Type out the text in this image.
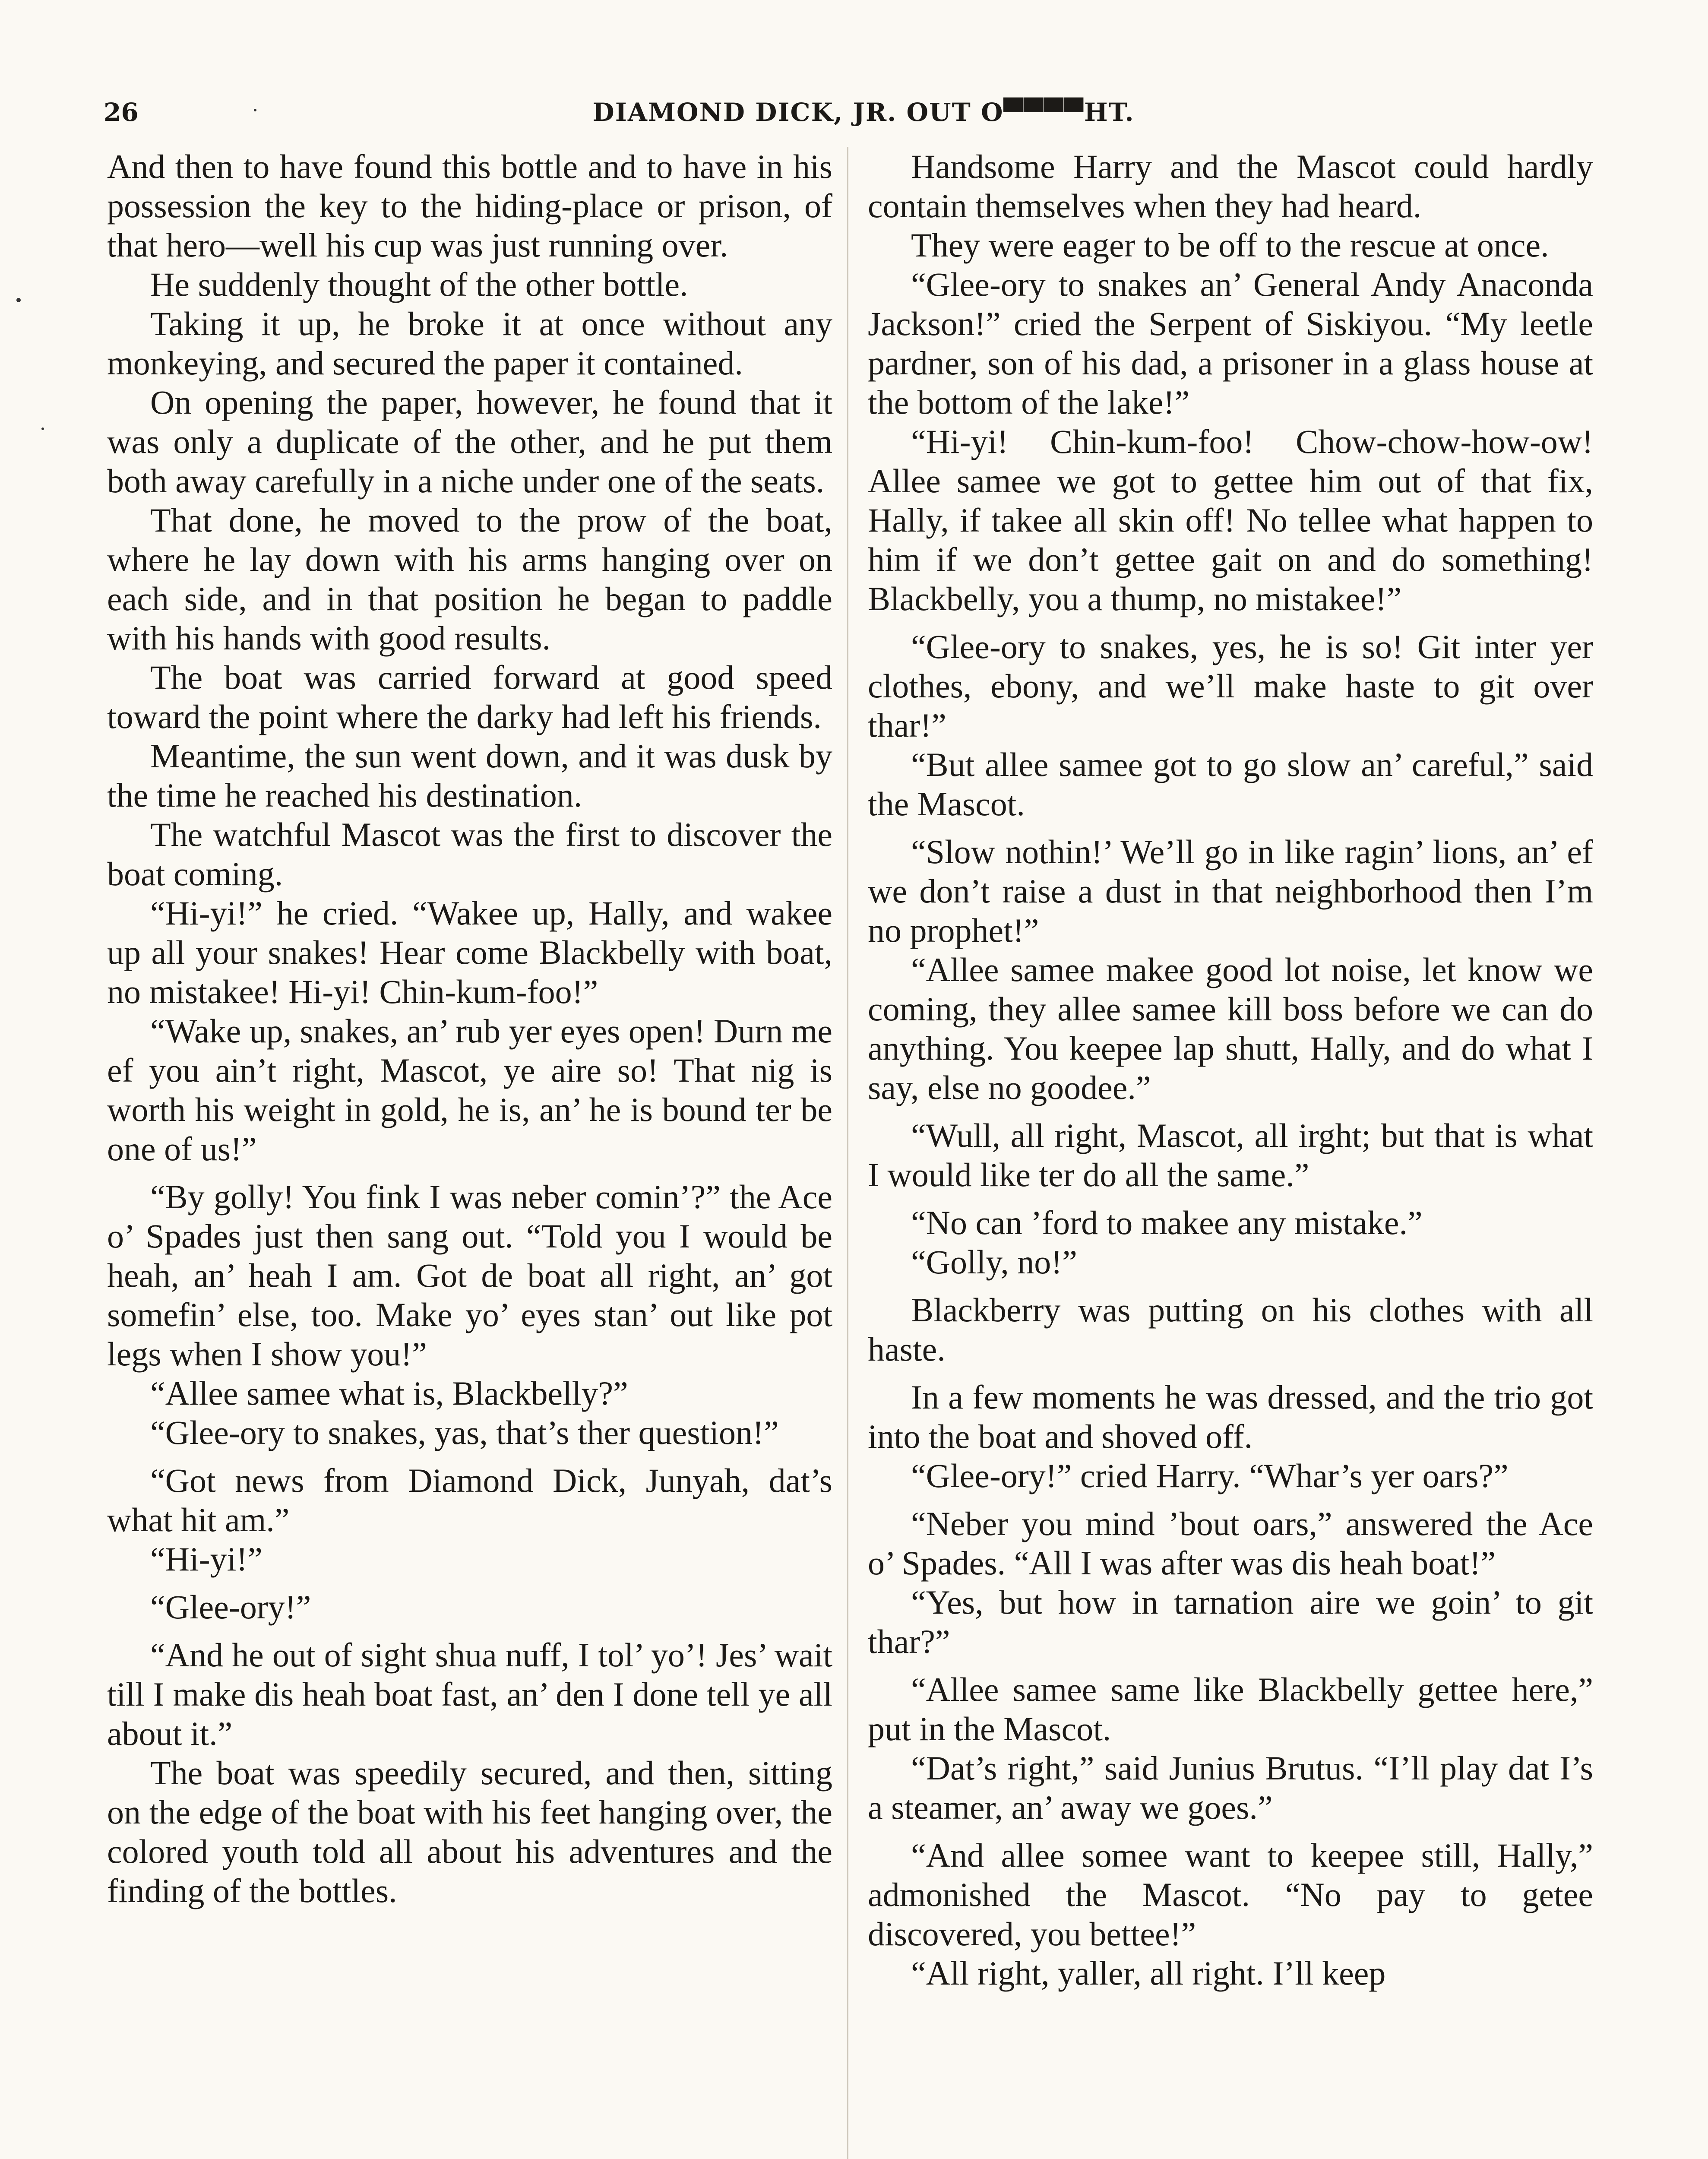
26	DIAMOND DICK, JR. OUT O▀▀▀▀HT.

And then to have found this bottle and to have in his possession the key to the hiding-place or prison, of that hero—well his cup was just running over.

He suddenly thought of the other bottle.

Taking it up, he broke it at once without any monkeying, and secured the paper it contained.

On opening the paper, however, he found that it was only a duplicate of the other, and he put them both away carefully in a niche under one of the seats.

That done, he moved to the prow of the boat, where he lay down with his arms hanging over on each side, and in that position he began to paddle with his hands with good results.

The boat was carried forward at good speed toward the point where the darky had left his friends.

Meantime, the sun went down, and it was dusk by the time he reached his destination.

The watchful Mascot was the first to discover the boat coming.

“Hi-yi!” he cried. “Wakee up, Hally, and wakee up all your snakes! Hear come Blackbelly with boat, no mistakee! Hi-yi! Chin-kum-foo!”

“Wake up, snakes, an’ rub yer eyes open! Durn me ef you ain’t right, Mascot, ye aire so! That nig is worth his weight in gold, he is, an’ he is bound ter be one of us!”

“By golly! You fink I was neber comin’?” the Ace o’ Spades just then sang out. “Told you I would be heah, an’ heah I am. Got de boat all right, an’ got somefin’ else, too. Make yo’ eyes stan’ out like pot legs when I show you!”

“Allee samee what is, Blackbelly?”

“Glee-ory to snakes, yas, that’s ther question!”

“Got news from Diamond Dick, Junyah, dat’s what hit am.”

“Hi-yi!”

“Glee-ory!”

“And he out of sight shua nuff, I tol’ yo’! Jes’ wait till I make dis heah boat fast, an’ den I done tell ye all about it.”

The boat was speedily secured, and then, sitting on the edge of the boat with his feet hanging over, the colored youth told all about his adventures and the finding of the bottles.

Handsome Harry and the Mascot could hardly contain themselves when they had heard.

They were eager to be off to the rescue at once.

“Glee-ory to snakes an’ General Andy Anaconda Jackson!” cried the Serpent of Siskiyou. “My leetle pardner, son of his dad, a prisoner in a glass house at the bottom of the lake!”

“Hi-yi! Chin-kum-foo! Chow-chow-how-ow! Allee samee we got to gettee him out of that fix, Hally, if takee all skin off! No tellee what happen to him if we don’t gettee gait on and do something! Blackbelly, you a thump, no mistakee!”

“Glee-ory to snakes, yes, he is so! Git inter yer clothes, ebony, and we’ll make haste to git over thar!”

“But allee samee got to go slow an’ careful,” said the Mascot.

“Slow nothin!’ We’ll go in like ragin’ lions, an’ ef we don’t raise a dust in that neighborhood then I’m no prophet!”

“Allee samee makee good lot noise, let know we coming, they allee samee kill boss before we can do anything. You keepee lap shutt, Hally, and do what I say, else no goodee.”

“Wull, all right, Mascot, all irght; but that is what I would like ter do all the same.”

“No can ’ford to makee any mistake.”

“Golly, no!”

Blackberry was putting on his clothes with all haste.

In a few moments he was dressed, and the trio got into the boat and shoved off.

“Glee-ory!” cried Harry. “Whar’s yer oars?”

“Neber you mind ’bout oars,” answered the Ace o’ Spades. “All I was after was dis heah boat!”

“Yes, but how in tarnation aire we goin’ to git thar?”

“Allee samee same like Blackbelly gettee here,” put in the Mascot.

“Dat’s right,” said Junius Brutus. “I’ll play dat I’s a steamer, an’ away we goes.”

“And allee somee want to keepee still, Hally,” admonished the Mascot. “No pay to getee discovered, you bettee!”

“All right, yaller, all right. I’ll keep
